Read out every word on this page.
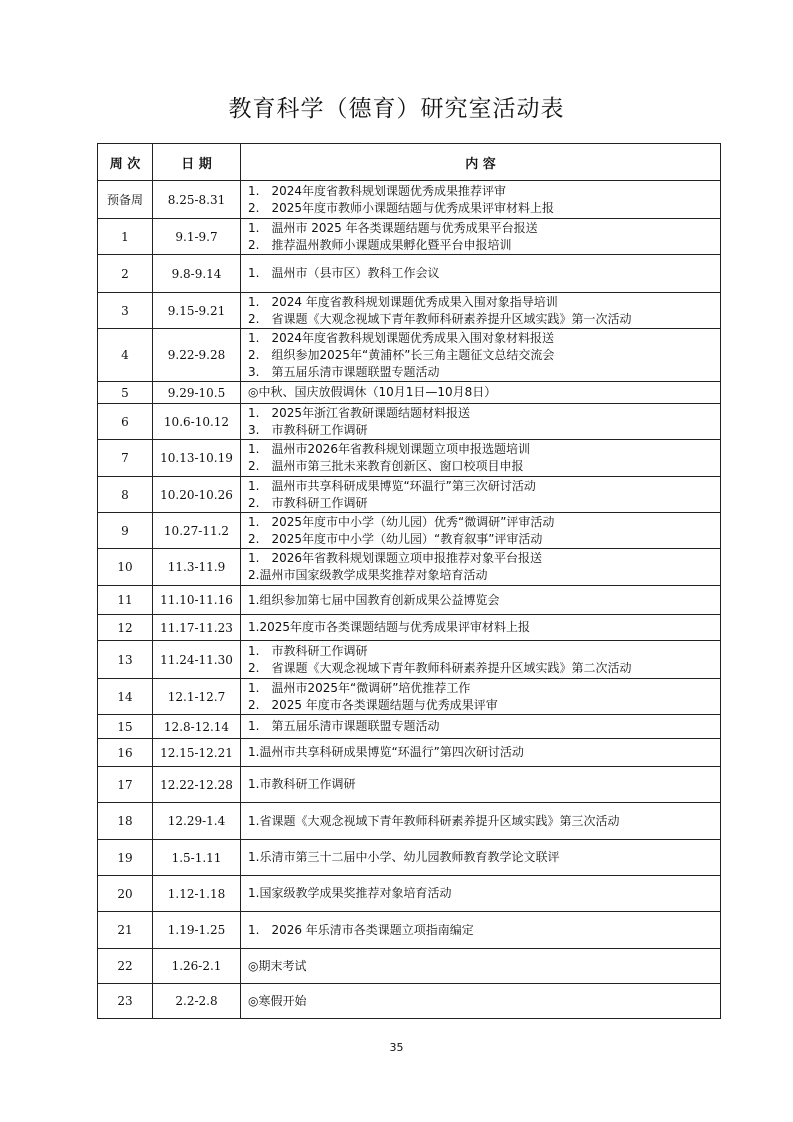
教育科学（德育）研究室活动表
周 次	日 期	内 容
预备周	8.25-8.31	1.　2024年度省教科规划课题优秀成果推荐评审
2.　2025年度市教师小课题结题与优秀成果评审材料上报

1	9.1-9.7	1.　温州市 2025 年各类课题结题与优秀成果平台报送
2.　推荐温州教师小课题成果孵化暨平台申报培训

2	9.8-9.14	1.　温州市（县市区）教科工作会议

3	9.15-9.21	1.　2024 年度省教科规划课题优秀成果入围对象指导培训
2.　省课题《大观念视域下青年教师科研素养提升区域实践》第一次活动

4	9.22-9.28	1.　2024年度省教科规划课题优秀成果入围对象材料报送
2.　组织参加2025年“黄浦杯”长三角主题征文总结交流会
3.　第五届乐清市课题联盟专题活动

5	9.29-10.5	◎中秋、国庆放假调休（10月1日—10月8日）

6	10.6-10.12	1.　2025年浙江省教研课题结题材料报送
3.　市教科研工作调研

7	10.13-10.19	1.　温州市2026年省教科规划课题立项申报选题培训
2.　温州市第三批未来教育创新区、窗口校项目申报

8	10.20-10.26	1.　温州市共享科研成果博览“环温行”第三次研讨活动
2.　市教科研工作调研

9	10.27-11.2	1.　2025年度市中小学（幼儿园）优秀“微调研”评审活动
2.　2025年度市中小学（幼儿园）“教育叙事”评审活动

10	11.3-11.9	1.　2026年省教科规划课题立项申报推荐对象平台报送
2.温州市国家级教学成果奖推荐对象培育活动

11	11.10-11.16	1.组织参加第七届中国教育创新成果公益博览会

12	11.17-11.23	1.2025年度市各类课题结题与优秀成果评审材料上报

13	11.24-11.30	1.　市教科研工作调研
2.　省课题《大观念视域下青年教师科研素养提升区域实践》第二次活动

14	12.1-12.7	1.　温州市2025年“微调研”培优推荐工作
2.　2025 年度市各类课题结题与优秀成果评审

15	12.8-12.14	1.　第五届乐清市课题联盟专题活动

16	12.15-12.21	1.温州市共享科研成果博览“环温行”第四次研讨活动

17	12.22-12.28	1.市教科研工作调研

18	12.29-1.4	1.省课题《大观念视域下青年教师科研素养提升区域实践》第三次活动

19	1.5-1.11	1.乐清市第三十二届中小学、幼儿园教师教育教学论文联评

20	1.12-1.18	1.国家级教学成果奖推荐对象培育活动

21	1.19-1.25	1.　2026 年乐清市各类课题立项指南编定

22	1.26-2.1	◎期末考试

23	2.2-2.8	◎寒假开始
35
